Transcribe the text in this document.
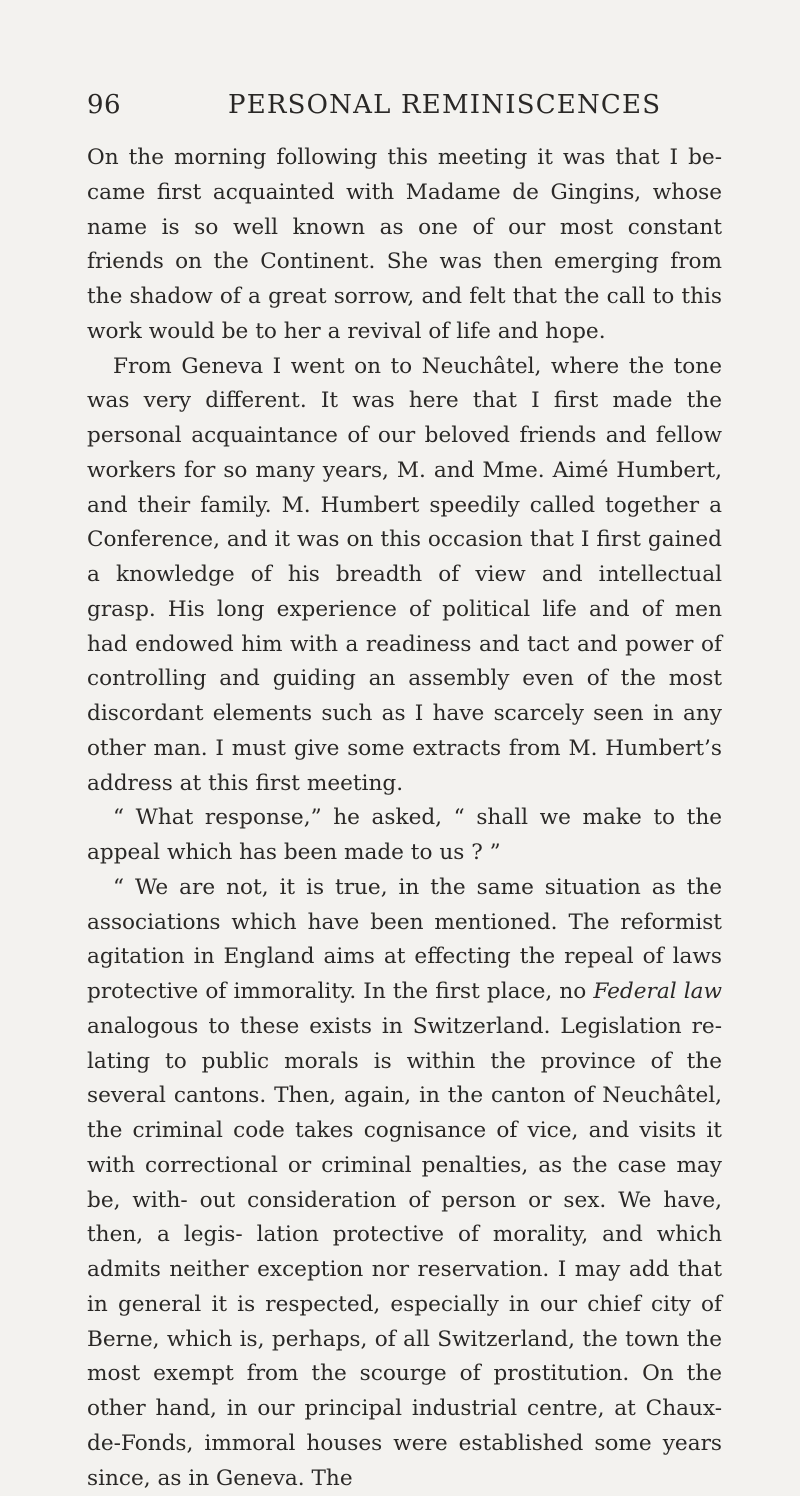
96	PERSONAL REMINISCENCES

On the morning following this meeting it was that I be- came first acquainted with Madame de Gingins, whose name is so well known as one of our most constant friends on the Continent. She was then emerging from the shadow of a great sorrow, and felt that the call to this work would be to her a revival of life and hope.

From Geneva I went on to Neuchâtel, where the tone was very different. It was here that I first made the personal acquaintance of our beloved friends and fellow workers for so many years, M. and Mme. Aimé Humbert, and their family. M. Humbert speedily called together a Conference, and it was on this occasion that I first gained a knowledge of his breadth of view and intellectual grasp. His long experience of political life and of men had endowed him with a readiness and tact and power of controlling and guiding an assembly even of the most discordant elements such as I have scarcely seen in any other man. I must give some extracts from M. Humbert’s address at this first meeting.

“ What response,” he asked, “ shall we make to the appeal which has been made to us ? ”

“ We are not, it is true, in the same situation as the associations which have been mentioned. The reformist agitation in England aims at effecting the repeal of laws protective of immorality. In the first place, no Federal law analogous to these exists in Switzerland. Legislation re- lating to public morals is within the province of the several cantons. Then, again, in the canton of Neuchâtel, the criminal code takes cognisance of vice, and visits it with correctional or criminal penalties, as the case may be, with- out consideration of person or sex. We have, then, a legis- lation protective of morality, and which admits neither exception nor reservation. I may add that in general it is respected, especially in our chief city of Berne, which is, perhaps, of all Switzerland, the town the most exempt from the scourge of prostitution. On the other hand, in our principal industrial centre, at Chaux-de-Fonds, immoral houses were established some years since, as in Geneva. The
